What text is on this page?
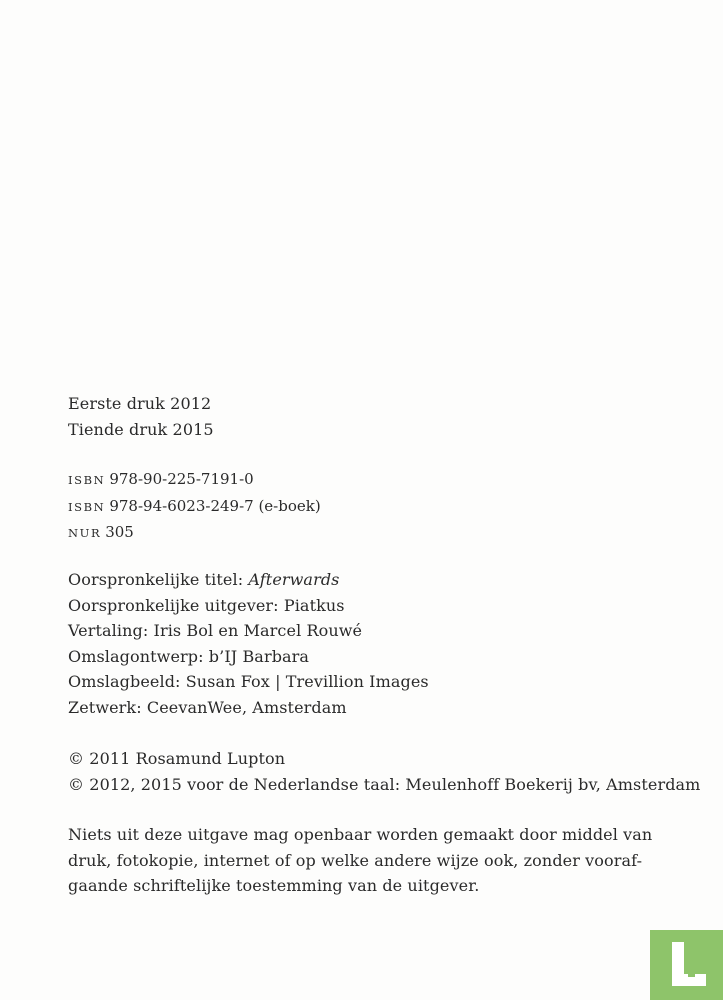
Eerste druk 2012
Tiende druk 2015
ISBN 978-90-225-7191-0
ISBN 978-94-6023-249-7 (e-boek)
NUR 305
Oorspronkelijke titel: Afterwards
Oorspronkelijke uitgever: Piatkus
Vertaling: Iris Bol en Marcel Rouwé
Omslagontwerp: b’IJ Barbara
Omslagbeeld: Susan Fox | Trevillion Images
Zetwerk: CeevanWee, Amsterdam
© 2011 Rosamund Lupton
© 2012, 2015 voor de Nederlandse taal: Meulenhoff Boekerij bv, Amsterdam
Niets uit deze uitgave mag openbaar worden gemaakt door middel van
druk, fotokopie, internet of op welke andere wijze ook, zonder vooraf-
gaande schriftelijke toestemming van de uitgever.
